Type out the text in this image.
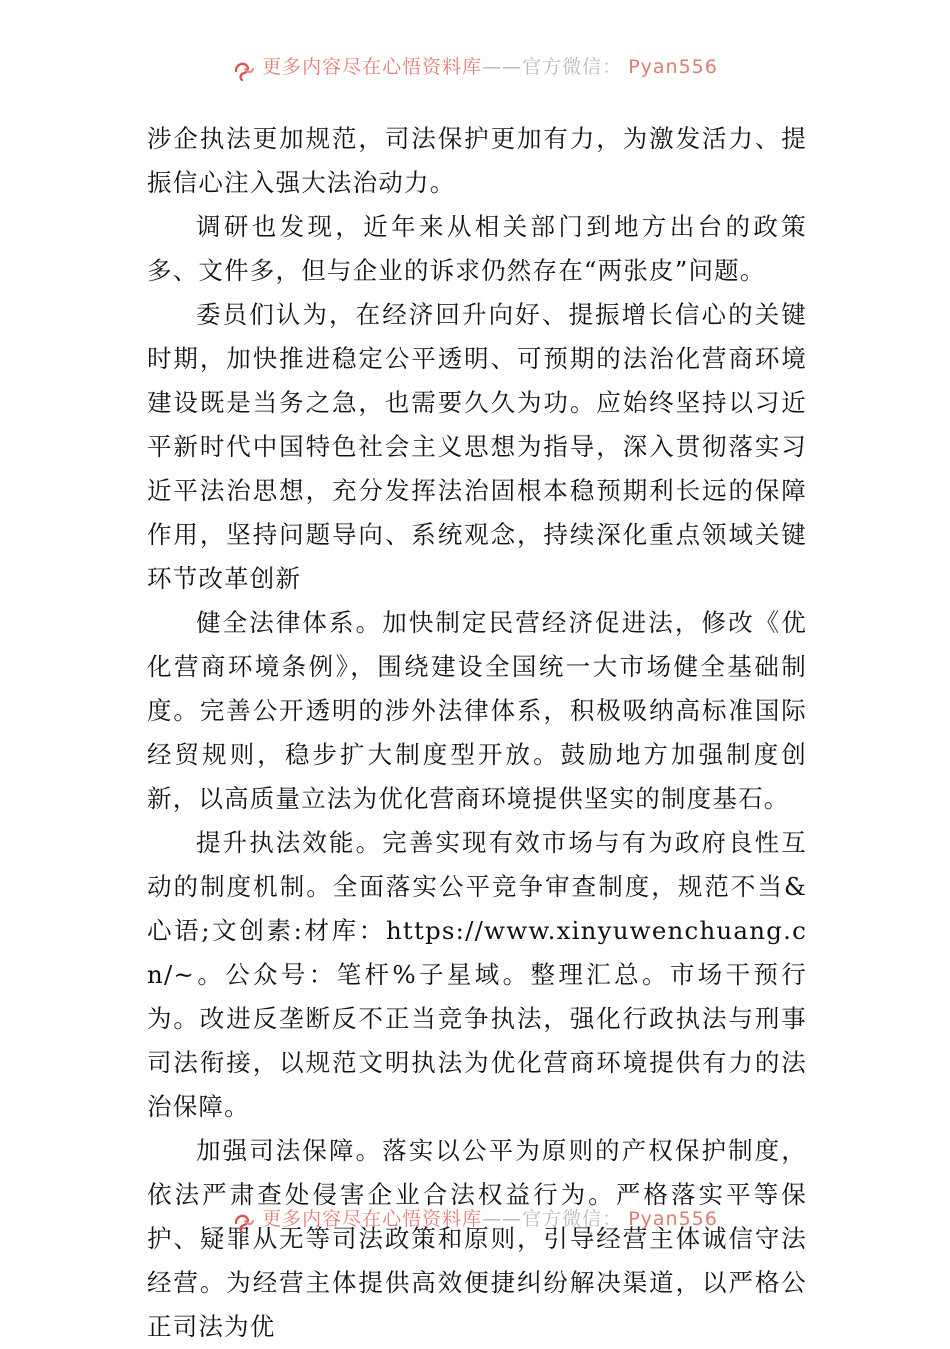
更多内容尽在心悟资料库——官方微信： Pyan556

涉企执法更加规范，司法保护更加有力，为激发活力、提振信心注入强大法治动力。

调研也发现，近年来从相关部门到地方出台的政策多、文件多，但与企业的诉求仍然存在“两张皮”问题。

委员们认为，在经济回升向好、提振增长信心的关键时期，加快推进稳定公平透明、可预期的法治化营商环境建设既是当务之急，也需要久久为功。应始终坚持以习近平新时代中国特色社会主义思想为指导，深入贯彻落实习近平法治思想，充分发挥法治固根本稳预期利长远的保障作用，坚持问题导向、系统观念，持续深化重点领域关键环节改革创新

健全法律体系。加快制定民营经济促进法，修改《优化营商环境条例》，围绕建设全国统一大市场健全基础制度。完善公开透明的涉外法律体系，积极吸纳高标准国际经贸规则，稳步扩大制度型开放。鼓励地方加强制度创新，以高质量立法为优化营商环境提供坚实的制度基石。

提升执法效能。完善实现有效市场与有为政府良性互动的制度机制。全面落实公平竞争审查制度，规范不当&心语;文创素:材库：https://www.xinyuwenchuang.cn/~。公众号：笔杆%子星域。整理汇总。市场干预行为。改进反垄断反不正当竞争执法，强化行政执法与刑事司法衔接，以规范文明执法为优化营商环境提供有力的法治保障。

加强司法保障。落实以公平为原则的产权保护制度，依法严肃查处侵害企业合法权益行为。严格落实平等保护、疑罪从无等司法政策和原则，引导经营主体诚信守法经营。为经营主体提供高效便捷纠纷解决渠道，以严格公正司法为优

更多内容尽在心悟资料库——官方微信： Pyan556
